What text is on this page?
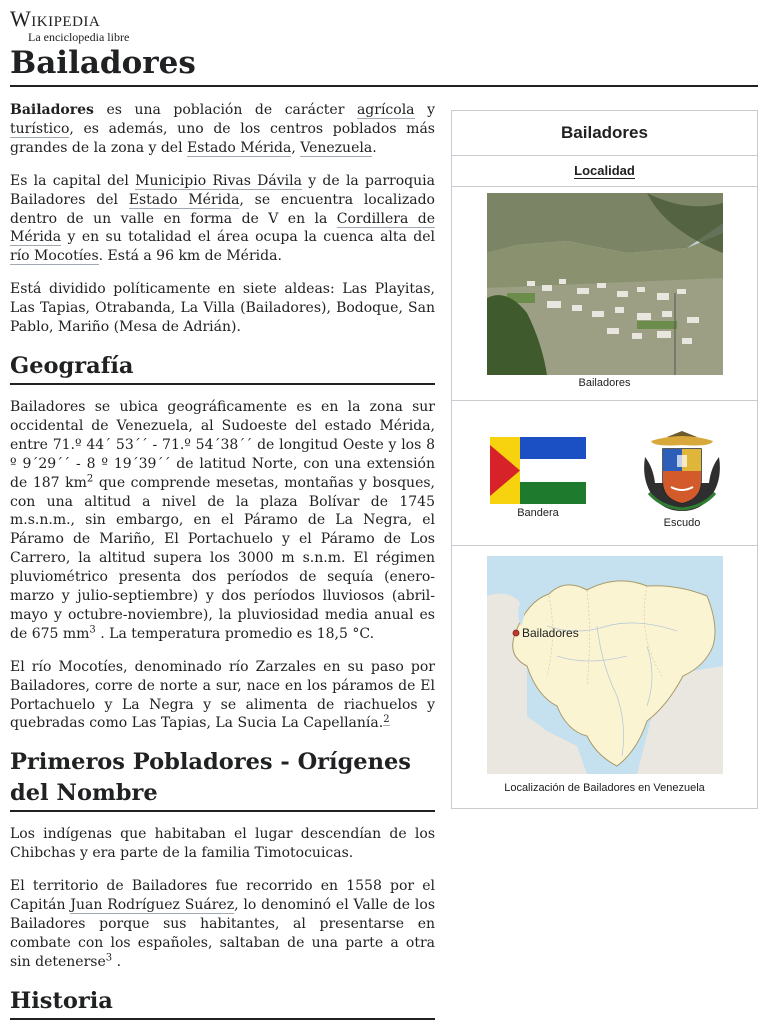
Wikipedia
La enciclopedia libre
Bailadores

Bailadores es una población de carácter agrícola y turístico, es además, uno de los centros poblados más grandes de la zona y del Estado Mérida, Venezuela.

Es la capital del Municipio Rivas Dávila y de la parroquia Bailadores del Estado Mérida, se encuentra localizado dentro de un valle en forma de V en la Cordillera de Mérida y en su totalidad el área ocupa la cuenca alta del río Mocotíes. Está a 96 km de Mérida.

Está dividido políticamente en siete aldeas: Las Playitas, Las Tapias, Otrabanda, La Villa (Bailadores), Bodoque, San Pablo, Mariño (Mesa de Adrián).

Geografía

Bailadores se ubica geográficamente es en la zona sur occidental de Venezuela, al Sudoeste del estado Mérida, entre 71.º 44´ 53´´ - 71.º 54´38´´ de longitud Oeste y los 8 º 9´29´´ - 8 º 19´39´´ de latitud Norte, con una extensión de 187 $km^2$ que comprende mesetas, montañas y bosques, con una altitud a nivel de la plaza Bolívar de 1745 m.s.n.m., sin embargo, en el Páramo de La Negra, el Páramo de Mariño, El Portachuelo y el Páramo de Los Carrero, la altitud supera los 3000 m s.n.m. El régimen pluviométrico presenta dos períodos de sequía (enero-marzo y julio-septiembre) y dos períodos lluviosos (abril-mayo y octubre-noviembre), la pluviosidad media anual es de 675 $mm^3$ . La temperatura promedio es 18,5 °C.

El río Mocotíes, denominado río Zarzales en su paso por Bailadores, corre de norte a sur, nace en los páramos de El Portachuelo y La Negra y se alimenta de riachuelos y quebradas como Las Tapias, La Sucia La Capellanía.$^2$

Primeros Pobladores - Orígenes del Nombre

Los indígenas que habitaban el lugar descendían de los Chibchas y era parte de la familia Timotocuicas.

El territorio de Bailadores fue recorrido en 1558 por el Capitán Juan Rodríguez Suárez, lo denominó el Valle de los Bailadores porque sus habitantes, al presentarse en combate con los españoles, saltaban de una parte a otra sin detenerse$^3$ .

Historia
Bailadores
Localidad
Bailadores
Bandera
Escudo
Bailadores
Localización de Bailadores en Venezuela
